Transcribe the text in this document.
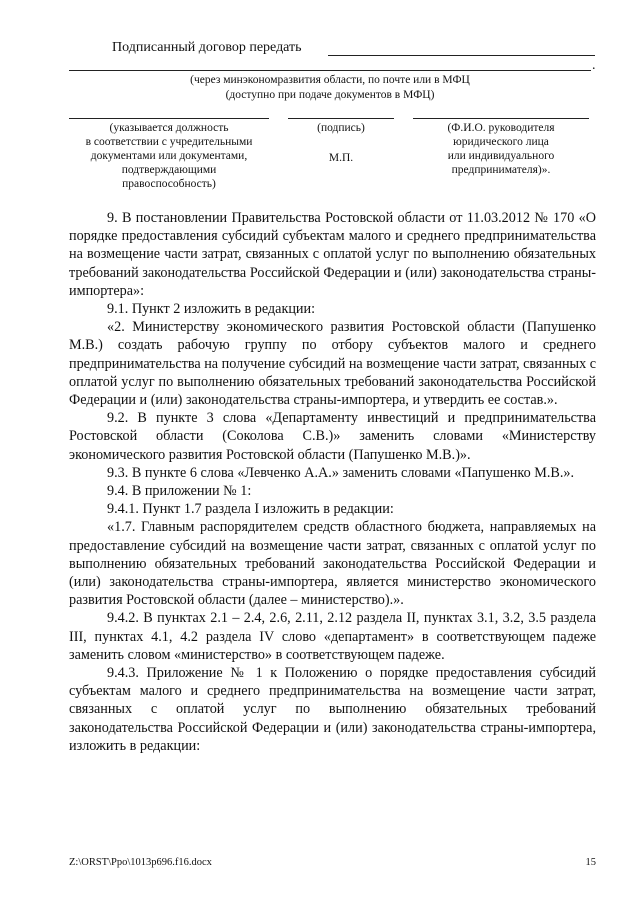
Подписанный договор передать
.
(через минэкономразвития области, по почте или в МФЦ
(доступно при подаче документов в МФЦ)
(указывается должность
в соответствии с учредительными
документами или документами,
подтверждающими
правоспособность)
(подпись)
М.П.
(Ф.И.О. руководителя
юридического лица
или индивидуального
предпринимателя)».

9. В постановлении Правительства Ростовской области от 11.03.2012 № 170 «О порядке предоставления субсидий субъектам малого и среднего предпринимательства на возмещение части затрат, связанных с оплатой услуг по выполнению обязательных требований законодательства Российской Федерации и (или) законодательства страны-импортера»:

9.1. Пункт 2 изложить в редакции:

«2. Министерству экономического развития Ростовской области (Папушенко М.В.) создать рабочую группу по отбору субъектов малого и среднего предпринимательства на получение субсидий на возмещение части затрат, связанных с оплатой услуг по выполнению обязательных требований законодательства Российской Федерации и (или) законодательства страны-импортера, и утвердить ее состав.».

9.2. В пункте 3 слова «Департаменту инвестиций и предпринимательства Ростовской области (Соколова С.В.)» заменить словами «Министерству экономического развития Ростовской области (Папушенко М.В.)».

9.3. В пункте 6 слова «Левченко А.А.» заменить словами «Папушенко М.В.».

9.4. В приложении № 1:

9.4.1. Пункт 1.7 раздела I изложить в редакции:

«1.7. Главным распорядителем средств областного бюджета, направляемых на предоставление субсидий на возмещение части затрат, связанных с оплатой услуг по выполнению обязательных требований законодательства Российской Федерации и (или) законодательства страны-импортера, является министерство экономического развития Ростовской области (далее – министерство).».

9.4.2. В пунктах 2.1 – 2.4, 2.6, 2.11, 2.12 раздела II, пунктах 3.1, 3.2, 3.5 раздела III, пунктах 4.1, 4.2 раздела IV слово «департамент» в соответствующем падеже заменить словом «министерство» в соответствующем падеже.

9.4.3. Приложение № 1 к Положению о порядке предоставления субсидий субъектам малого и среднего предпринимательства на возмещение части затрат, связанных с оплатой услуг по выполнению обязательных требований законодательства Российской Федерации и (или) законодательства страны-импортера, изложить в редакции:

Z:\ORST\Ppo\1013p696.f16.docx	15
